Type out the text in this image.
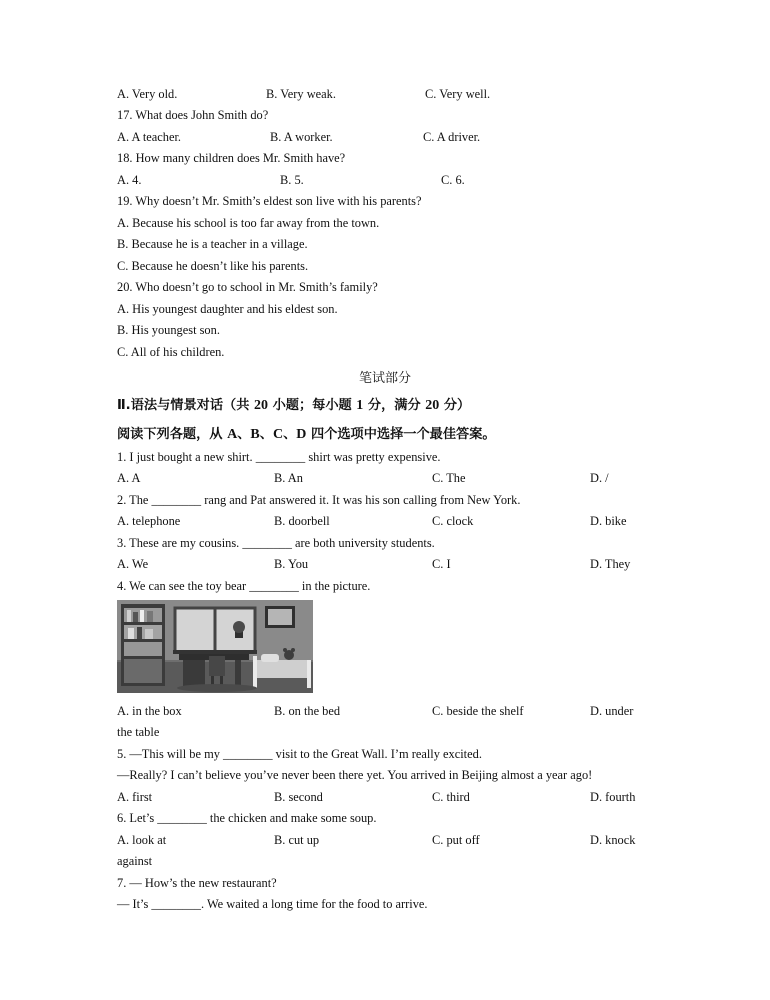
A. Very old.	B. Very weak.	C. Very well.
17. What does John Smith do?
A. A teacher.	B. A worker.	C. A driver.
18. How many children does Mr. Smith have?
A. 4.	B. 5.	C. 6.
19. Why doesn’t Mr. Smith’s eldest son live with his parents?
A. Because his school is too far away from the town.
B. Because he is a teacher in a village.
C. Because he doesn’t like his parents.
20. Who doesn’t go to school in Mr. Smith’s family?
A. His youngest daughter and his eldest son.
B. His youngest son.
C. All of his children.
笔试部分
Ⅱ.语法与情景对话（共 20 小题；每小题 1 分，满分 20 分）
阅读下列各题，从 A、B、C、D 四个选项中选择一个最佳答案。
1. I just bought a new shirt. ________ shirt was pretty expensive.
A. A	B. An	C. The	D. /
2. The ________ rang and Pat answered it. It was his son calling from New York.
A. telephone	B. doorbell	C. clock	D. bike
3. These are my cousins. ________ are both university students.
A. We	B. You	C. I	D. They
4. We can see the toy bear ________ in the picture.
A. in the box	B. on the bed	C. beside the shelf	D. under
the table
5. —This will be my ________ visit to the Great Wall. I’m really excited.
—Really? I can’t believe you’ve never been there yet. You arrived in Beijing almost a year ago!
A. first	B. second	C. third	D. fourth
6. Let’s ________ the chicken and make some soup.
A. look at	B. cut up	C. put off	D. knock
against
7. — How’s the new restaurant?
— It’s ________. We waited a long time for the food to arrive.
